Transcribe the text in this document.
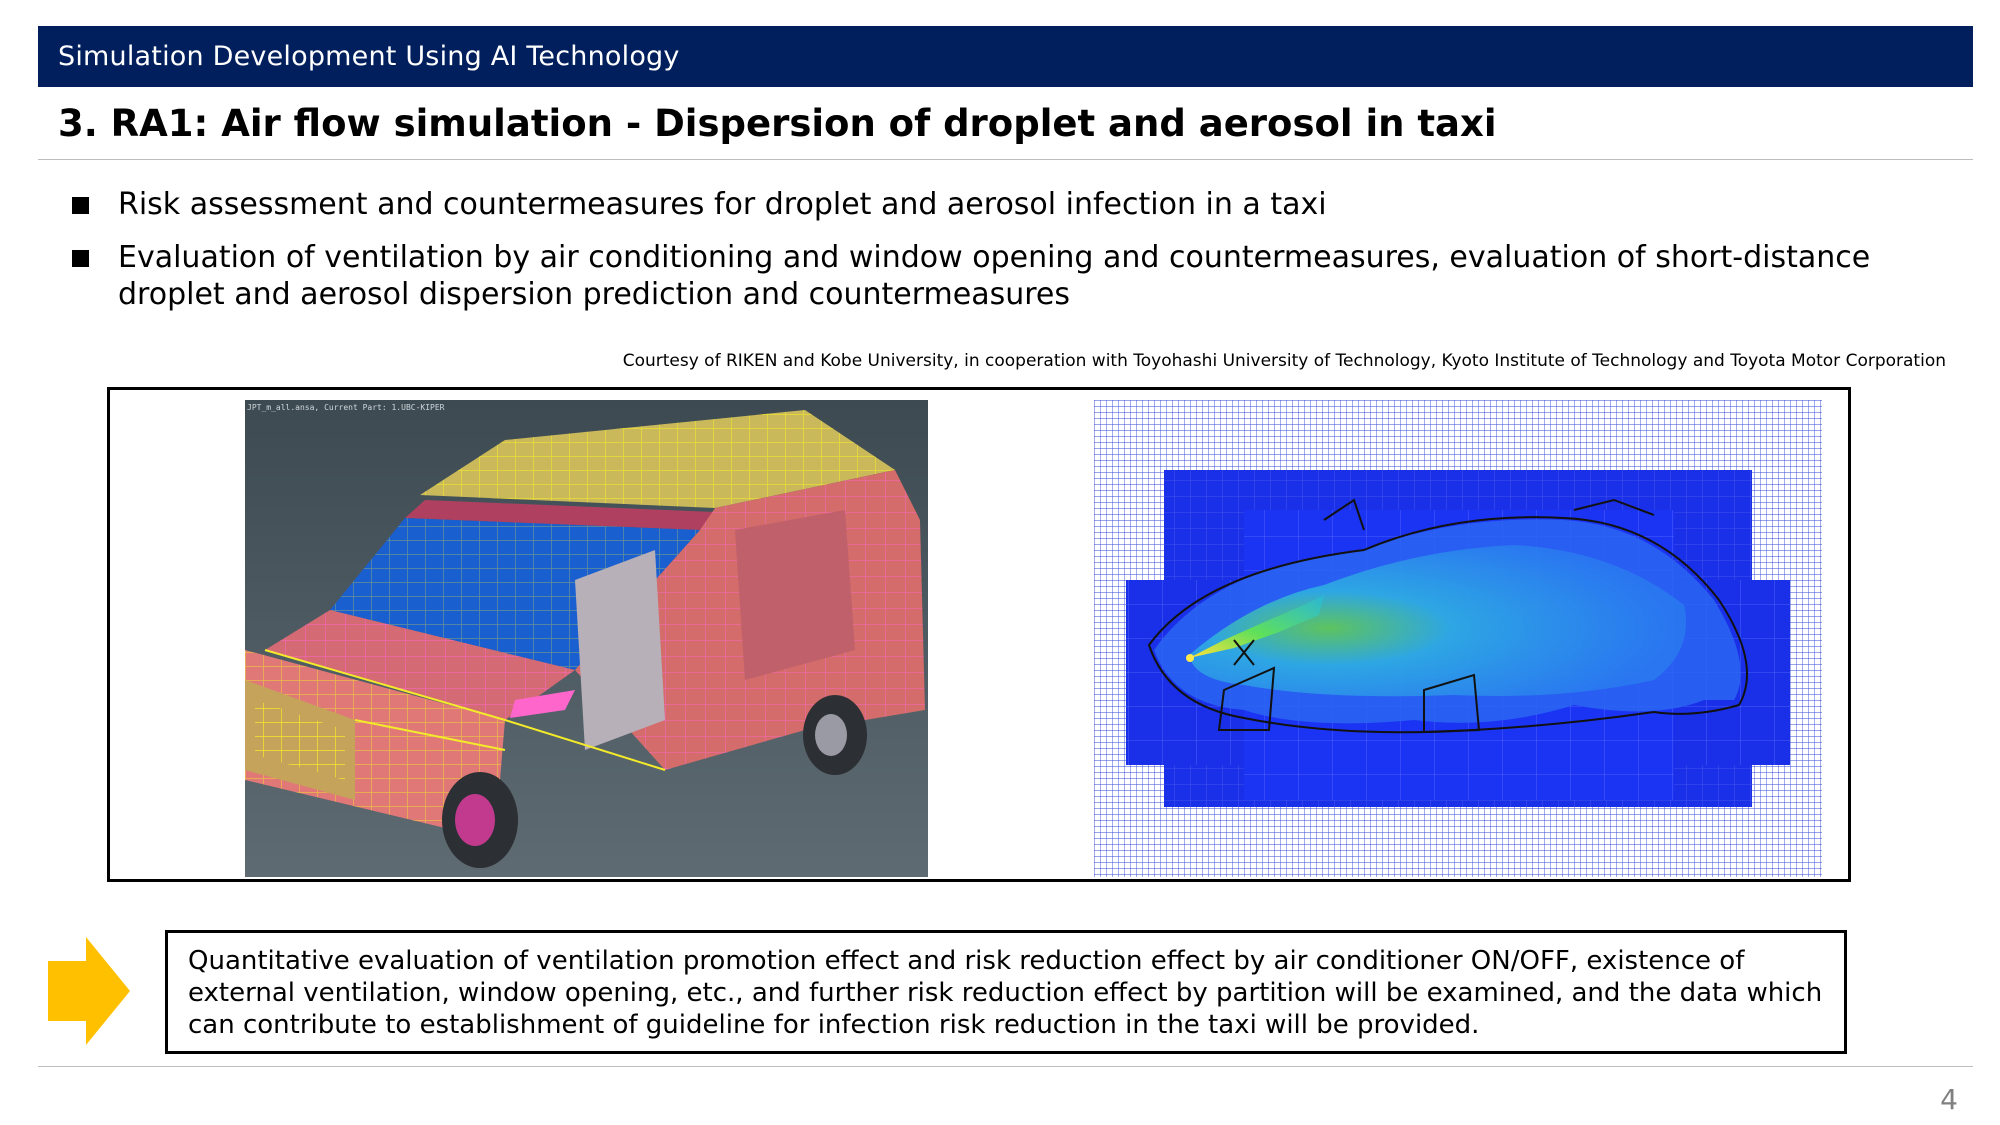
Simulation Development Using AI Technology
3. RA1: Air flow simulation - Dispersion of droplet and aerosol in taxi
Risk assessment and countermeasures for droplet and aerosol infection in a taxi
Evaluation of ventilation by air conditioning and window opening and countermeasures, evaluation of short-distance droplet and aerosol dispersion prediction and countermeasures
Courtesy of RIKEN and Kobe University, in cooperation with Toyohashi University of Technology, Kyoto Institute of Technology and Toyota Motor Corporation
JPT_m_all.ansa, Current Part: 1.UBC-KIPER
Quantitative evaluation of ventilation promotion effect and risk reduction effect by air conditioner ON/OFF, existence of external ventilation, window opening, etc., and further risk reduction effect by partition will be examined, and the data which can contribute to establishment of guideline for infection risk reduction in the taxi will be provided.
4
